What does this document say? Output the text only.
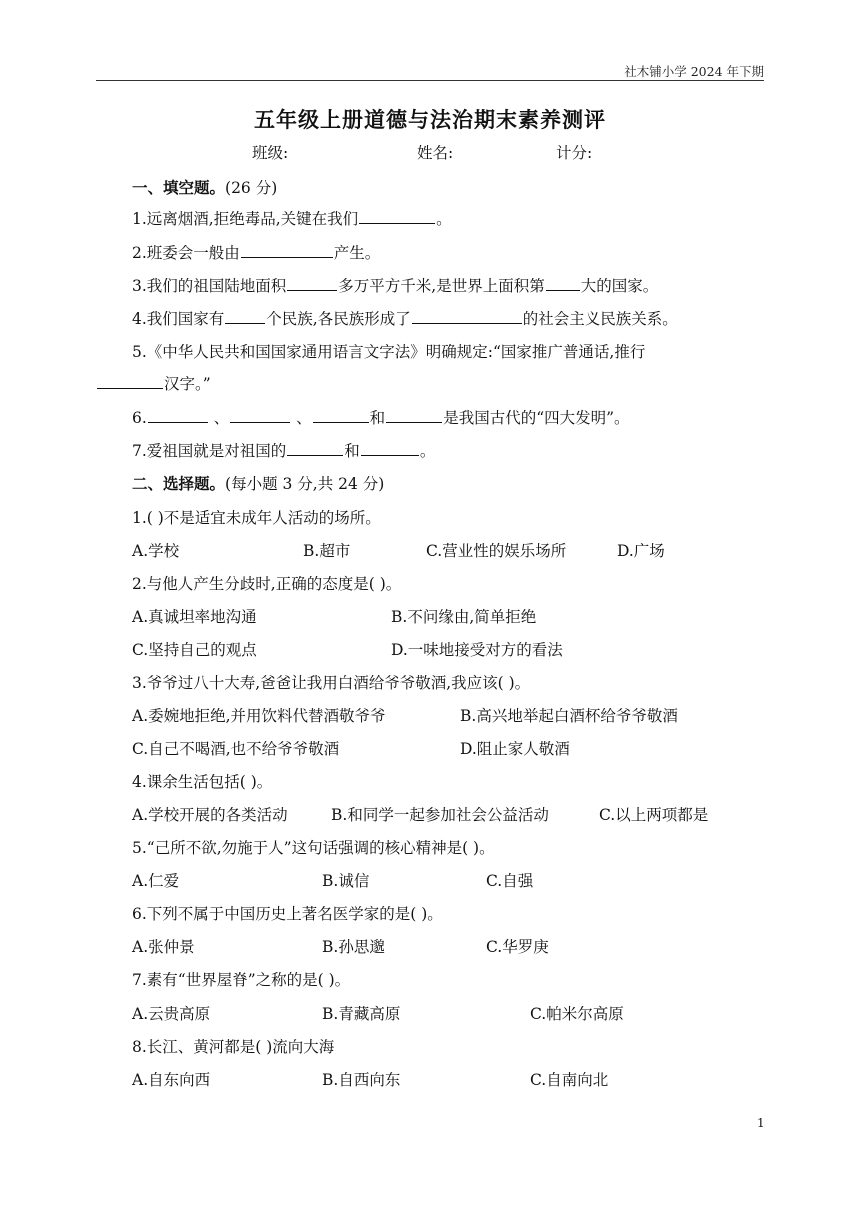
社木铺小学 2024 年下期
五年级上册道德与法治期末素养测评
班级:	姓名:	计分:
一、填空题。(26 分)
1.远离烟酒,拒绝毒品,关键在我们	。
2.班委会一般由	产生。
3.我们的祖国陆地面积	多万平方千米,是世界上面积第 大的国家。
4.我们国家有	个民族,各民族形成了	的社会主义民族关系。
5.《中华人民共和国国家通用语言文字法》明确规定:“国家推广普通话,推行
汉字。”
6.	、	、	和	是我国古代的“四大发明”。
7.爱祖国就是对祖国的	和	。
二、选择题。(每小题 3 分,共 24 分)
1.( )不是适宜未成年人活动的场所。
A.学校	B.超市	C.营业性的娱乐场所	D.广场
2.与他人产生分歧时,正确的态度是( )。
A.真诚坦率地沟通	B.不问缘由,简单拒绝
C.坚持自己的观点	D.一味地接受对方的看法
3.爷爷过八十大寿,爸爸让我用白酒给爷爷敬酒,我应该( )。
A.委婉地拒绝,并用饮料代替酒敬爷爷	B.高兴地举起白酒杯给爷爷敬酒
C.自己不喝酒,也不给爷爷敬酒	D.阻止家人敬酒
4.课余生活包括( )。
A.学校开展的各类活动	B.和同学一起参加社会公益活动	C.以上两项都是
5.“己所不欲,勿施于人”这句话强调的核心精神是( )。
A.仁爱	B.诚信	C.自强
6.下列不属于中国历史上著名医学家的是( )。
A.张仲景	B.孙思邈	C.华罗庚
7.素有“世界屋脊”之称的是( )。
A.云贵高原	B.青藏高原	C.帕米尔高原
8.长江、黄河都是( )流向大海
A.自东向西	B.自西向东	C.自南向北
1
